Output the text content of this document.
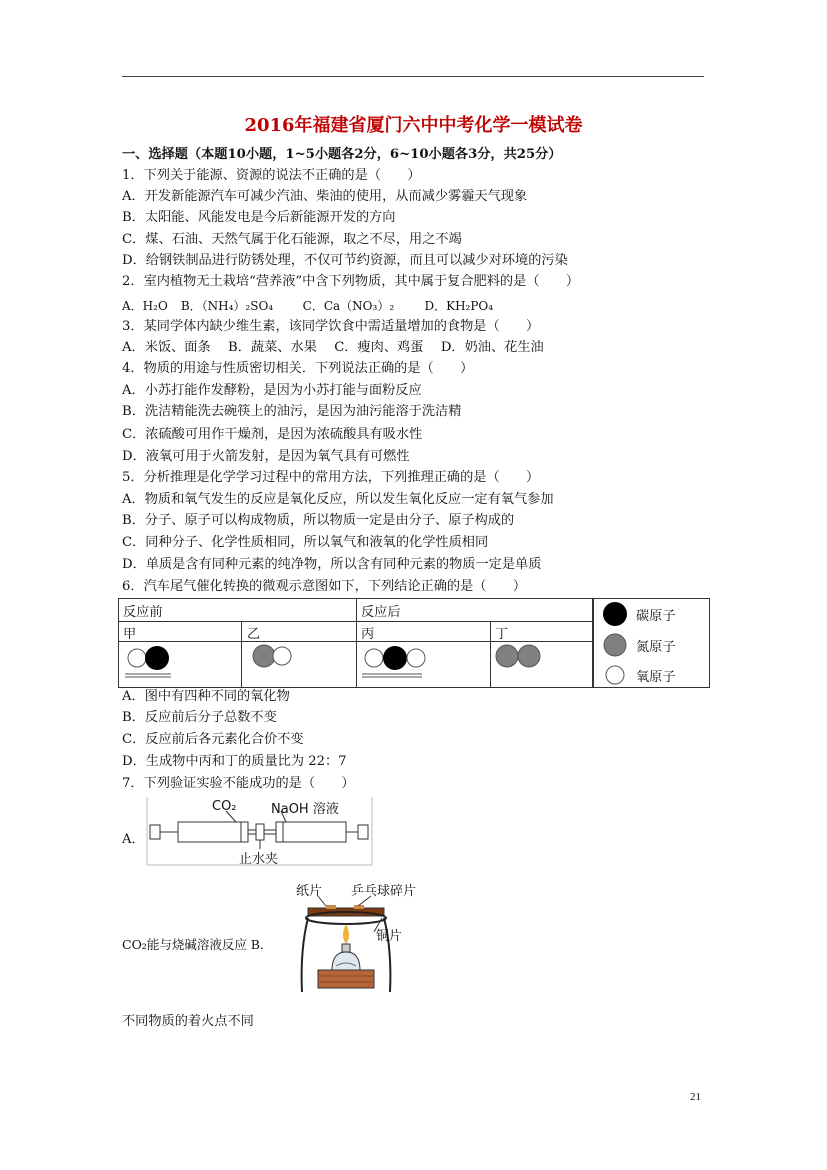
2016年福建省厦门六中中考化学一模试卷
一、选择题（本题10小题，1~5小题各2分，6~10小题各3分，共25分）
1．下列关于能源、资源的说法不正确的是（　　）
A．开发新能源汽车可减少汽油、柴油的使用，从而减少雾霾天气现象
B．太阳能、风能发电是今后新能源开发的方向
C．煤、石油、天然气属于化石能源，取之不尽，用之不竭
D．给钢铁制品进行防锈处理，不仅可节约资源，而且可以减少对环境的污染
2．室内植物无土栽培“营养液”中含下列物质，其中属于复合肥料的是（　　）
A．H₂O B．（NH₄）₂SO₄ C．Ca（NO₃）₂	D．KH₂PO₄
3．某同学体内缺少维生素，该同学饮食中需适量增加的食物是（　　）
A．米饭、面条　 B．蔬菜、水果　 C．瘦肉、鸡蛋　 D．奶油、花生油
4．物质的用途与性质密切相关．下列说法正确的是（　　）
A．小苏打能作发酵粉，是因为小苏打能与面粉反应
B．洗洁精能洗去碗筷上的油污，是因为油污能溶于洗洁精
C．浓硫酸可用作干燥剂，是因为浓硫酸具有吸水性
D．液氧可用于火箭发射，是因为氧气具有可燃性
5．分析推理是化学学习过程中的常用方法，下列推理正确的是（　　）
A．物质和氧气发生的反应是氧化反应，所以发生氧化反应一定有氧气参加
B．分子、原子可以构成物质，所以物质一定是由分子、原子构成的
C．同种分子、化学性质相同，所以氧气和液氧的化学性质相同
D．单质是含有同种元素的纯净物，所以含有同种元素的物质一定是单质
6．汽车尾气催化转换的微观示意图如下，下列结论正确的是（　　）
反应前	反应后
甲	乙	丙	丁
碳原子
氮原子
氧原子
A．图中有四种不同的氧化物
B．反应前后分子总数不变
C．反应前后各元素化合价不变
D．生成物中丙和丁的质量比为 22：7
7．下列验证实验不能成功的是（　　）
A．
CO₂	NaOH 溶液
止水夹
纸片 乒乓球碎片
铜片
CO₂能与烧碱溶液反应 B．
不同物质的着火点不同
21
